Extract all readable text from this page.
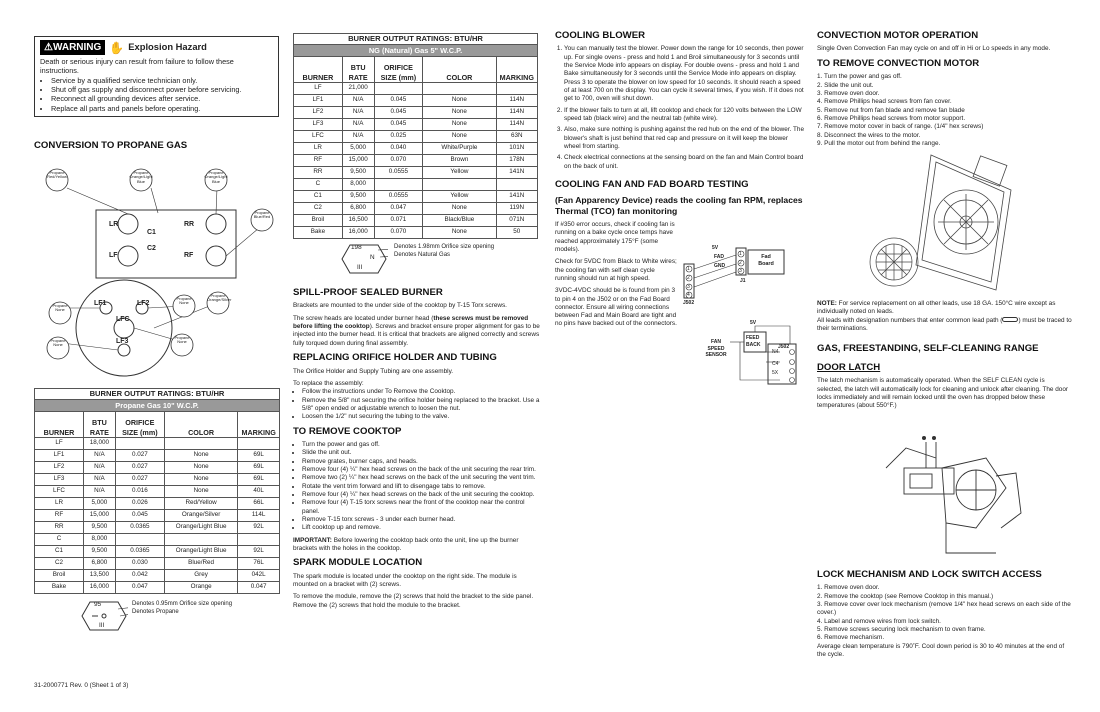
⚠WARNING ✋ Explosion Hazard

Death or serious injury can result from failure to follow these instructions.

• Service by a qualified service technician only.
• Shut off gas supply and disconnect power before servicing.
• Reconnect all grounding devices after service.
• Replace all parts and panels before operating.
CONVERSION TO PROPANE GAS
LR
C1
RR
C2
LF	RF
LF1	LF2
LFC
LF3
Propane
Red/Yellow
Propane
Orange/Light Blue
Propane
Orange/Light Blue
Propane
Blue/Red
Propane
None
Propane
None
Propane
Orange/Silver
Propane
None
Propane
None
BURNER OUTPUT RATINGS: BTU/HR				
Propane Gas 10" W.C.P.				
BURNER	BTU RATE	ORIFICE SIZE (mm)	COLOR	MARKING
LF	18,000			
LF1	N/A	0.027	None	69L
LF2	N/A	0.027	None	69L
LF3	N/A	0.027	None	69L
LFC	N/A	0.016	None	40L
LR	5,000	0.026	Red/Yellow	66L
RF	15,000	0.045	Orange/Silver	114L
RR	9,500	0.0365	Orange/Light Blue	92L
C	8,000			
C1	9,500	0.0365	Orange/Light Blue	92L
C2	6,800	0.030	Blue/Red	76L
Broil	13,500	0.042	Grey	042L
Bake	16,000	0.047	Orange	0.047
95
III
Denotes 0.95mm Orifice size opening
Denotes Propane
31-2000771 Rev. 0 (Sheet 1 of 3)
BURNER OUTPUT RATINGS: BTU/HR				
NG (Natural) Gas 5" W.C.P.				
BURNER	BTU RATE	ORIFICE SIZE (mm)	COLOR	MARKING
LF	21,000			
LF1	N/A	0.045	None	114N
LF2	N/A	0.045	None	114N
LF3	N/A	0.045	None	114N
LFC	N/A	0.025	None	63N
LR	5,000	0.040	White/Purple	101N
RF	15,000	0.070	Brown	178N
RR	9,500	0.0555	Yellow	141N
C	8,000			
C1	9,500	0.0555	Yellow	141N
C2	6,800	0.047	None	119N
Broil	16,500	0.071	Black/Blue	071N
Bake	16,000	0.070	None	50
198
N
III
Denotes 1.98mm Orifice size opening
Denotes Natural Gas
SPILL-PROOF SEALED BURNER

Brackets are mounted to the under side of the cooktop by T-15 Torx screws.

The screw heads are located under burner head (these screws must be removed before lifting the cooktop). Screws and bracket ensure proper alignment for gas to be injected into the burner head. It is critical that brackets are aligned correctly and screws fully torqued down during final assembly.

REPLACING ORIFICE HOLDER AND TUBING

The Orifice Holder and Supply Tubing are one assembly.

To replace the assembly:

• Follow the instructions under To Remove the Cooktop.
• Remove the 5/8" nut securing the orifice holder being replaced to the bracket. Use a 5/8" open ended or adjustable wrench to loosen the nut.
• Loosen the 1/2" nut securing the tubing to the valve.
TO REMOVE COOKTOP
• Turn the power and gas off.
• Slide the unit out.
• Remove grates, burner caps, and heads.
• Remove four (4) ¼" hex head screws on the back of the unit securing the rear trim.
• Remove two (2) ¼" hex head screws on the back of the unit securing the vent trim.
• Rotate the vent trim forward and lift to disengage tabs to remove.
• Remove four (4) ¼" hex head screws on the back of the unit securing the cooktop.
• Remove four (4) T-15 torx screws near the front of the cooktop near the control panel.
• Remove T-15 torx screws - 3 under each burner head.
• Lift cooktop up and remove.

IMPORTANT: Before lowering the cooktop back onto the unit, line up the burner brackets with the holes in the cooktop.

SPARK MODULE LOCATION

The spark module is located under the cooktop on the right side. The module is mounted on a bracket with (2) screws.

To remove the module, remove the (2) screws that hold the bracket to the side panel. Remove the (2) screws that hold the module to the bracket.

COOLING BLOWER
1. You can manually test the blower. Power down the range for 10 seconds, then power up. For single ovens - press and hold 1 and Broil simultaneously for 3 seconds until the Service Mode info appears on display. For double ovens - press and hold 1 and Bake simultaneously for 3 seconds until the Service Mode info appears on display. Press 3 to operate the blower on low speed for 10 seconds. It should reach a speed of at least 700 on the display. You can cycle it several times, if you wish. If it does not get to 700, oven will shut down.
2. If the blower fails to turn at all, lift cooktop and check for 120 volts between the LOW speed tab (black wire) and the neutral tab (white wire).
3. Also, make sure nothing is pushing against the red hub on the end of the blower. The blower's shaft is just behind that red cap and pressure on it will keep the blower wheel from starting.
4. Check electrical connections at the sensing board on the fan and Main Control board on the back of unit.
COOLING FAN AND FAD BOARD TESTING
(Fan Apparency Device) reads the cooling fan RPM, replaces Thermal (TCO) fan monitoring

If #350 error occurs, check if cooling fan is running on a bake cycle once temps have reached approximately 175°F (some models).

Check for 5VDC from Black to White wires; the cooling fan with self clean cycle running should run at high speed.

3VDC-4VDC should be is found from pin 3 to pin 4 on the J502 or on the Fad Board connector. Ensure all wiring connections between Fad and Main Board are tight and no pins have backed out of the connectors.

1
2
3
4
1
2
3
5V
FAD
GND
Fad
Board
J1
J502
5V
FEED
BACK
FAN
SPEED
SENSOR
J502
N4
C4
5X
CONVECTION MOTOR OPERATION

Single Oven Convection Fan may cycle on and off in Hi or Lo speeds in any mode.

TO REMOVE CONVECTION MOTOR
1. Turn the power and gas off.
2. Slide the unit out.
3. Remove oven door.
4. Remove Phillips head screws from fan cover.
5. Remove nut from fan blade and remove fan blade
6. Remove Phillips head screws from motor support.
7. Remove motor cover in back of range. (1/4" hex screws)
8. Disconnect the wires to the motor.
9. Pull the motor out from behind the range.

NOTE: For service replacement on all other leads, use 18 GA. 150°C wire except as individually noted on leads.
All leads with designation numbers that enter common lead path (	) must be traced to their terminations.

GAS, FREESTANDING, SELF-CLEANING RANGE
DOOR LATCH

The latch mechanism is automatically operated. When the SELF CLEAN cycle is selected, the latch will automatically lock for cleaning and unlock after cleaning. The door locks immediately and will remain locked until the oven has dropped below these temperatures (about 550°F.)

LOCK MECHANISM AND LOCK SWITCH ACCESS
1. Remove oven door.
2. Remove the cooktop (see Remove Cooktop in this manual.)
3. Remove cover over lock mechanism (remove 1/4" hex head screws on each side of the cover.)
4. Label and remove wires from lock switch.
5. Remove screws securing lock mechanism to oven frame.
6. Remove mechanism.
Average clean temperature is 790˚F. Cool down period is 30 to 40 minutes at the end of the cycle.
